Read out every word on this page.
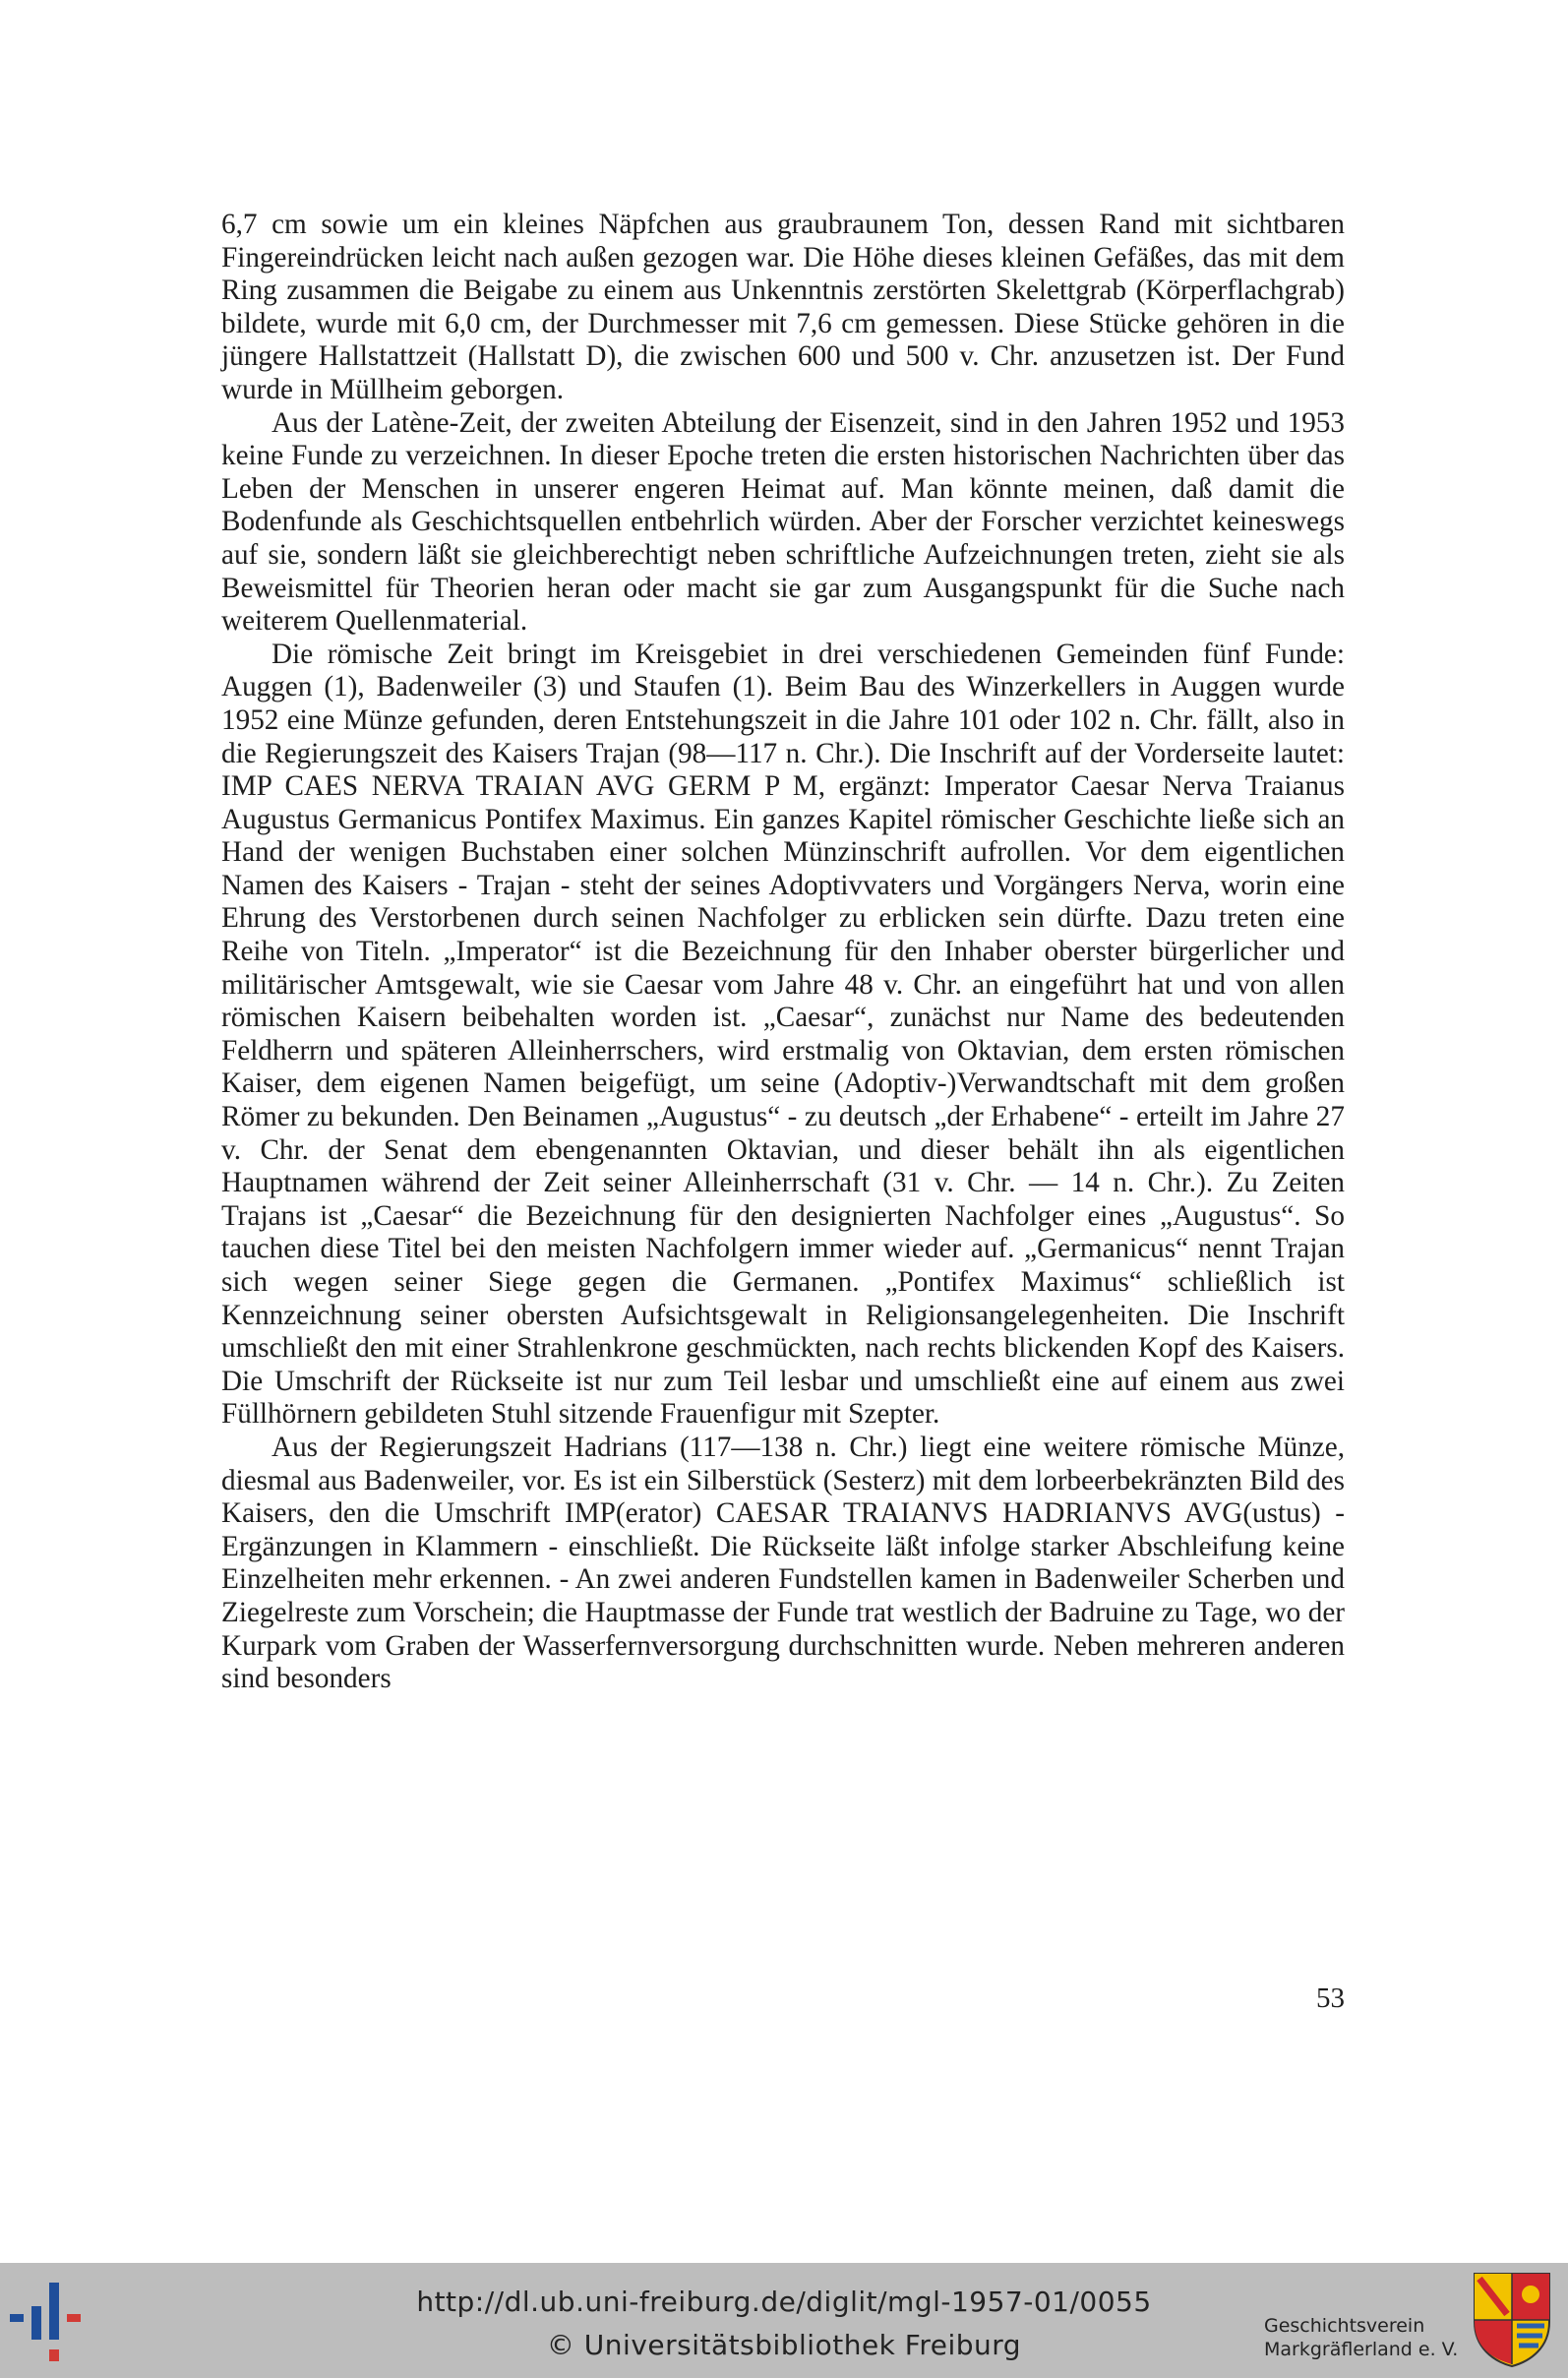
6,7 cm sowie um ein kleines Näpfchen aus graubraunem Ton, dessen Rand mit sichtbaren Fingereindrücken leicht nach außen gezogen war. Die Höhe dieses kleinen Gefäßes, das mit dem Ring zusammen die Beigabe zu einem aus Unkenntnis zerstörten Skelettgrab (Körperflachgrab) bildete, wurde mit 6,0 cm, der Durchmesser mit 7,6 cm gemessen. Diese Stücke gehören in die jüngere Hallstattzeit (Hallstatt D), die zwischen 600 und 500 v. Chr. anzusetzen ist. Der Fund wurde in Müllheim geborgen.

Aus der Latène-Zeit, der zweiten Abteilung der Eisenzeit, sind in den Jahren 1952 und 1953 keine Funde zu verzeichnen. In dieser Epoche treten die ersten historischen Nachrichten über das Leben der Menschen in unserer engeren Heimat auf. Man könnte meinen, daß damit die Bodenfunde als Geschichtsquellen entbehrlich würden. Aber der Forscher verzichtet keineswegs auf sie, sondern läßt sie gleichberechtigt neben schriftliche Aufzeichnungen treten, zieht sie als Beweismittel für Theorien heran oder macht sie gar zum Ausgangspunkt für die Suche nach weiterem Quellenmaterial.

Die römische Zeit bringt im Kreisgebiet in drei verschiedenen Gemeinden fünf Funde: Auggen (1), Badenweiler (3) und Staufen (1). Beim Bau des Winzerkellers in Auggen wurde 1952 eine Münze gefunden, deren Entstehungszeit in die Jahre 101 oder 102 n. Chr. fällt, also in die Regierungszeit des Kaisers Trajan (98—117 n. Chr.). Die Inschrift auf der Vorderseite lautet: IMP CAES NERVA TRAIAN AVG GERM P M, ergänzt: Imperator Caesar Nerva Traianus Augustus Germanicus Pontifex Maximus. Ein ganzes Kapitel römischer Geschichte ließe sich an Hand der wenigen Buchstaben einer solchen Münzinschrift aufrollen. Vor dem eigentlichen Namen des Kaisers - Trajan - steht der seines Adoptivvaters und Vorgängers Nerva, worin eine Ehrung des Verstorbenen durch seinen Nachfolger zu erblicken sein dürfte. Dazu treten eine Reihe von Titeln. „Imperator“ ist die Bezeichnung für den Inhaber oberster bürgerlicher und militärischer Amtsgewalt, wie sie Caesar vom Jahre 48 v. Chr. an eingeführt hat und von allen römischen Kaisern beibehalten worden ist. „Caesar“, zunächst nur Name des bedeutenden Feldherrn und späteren Alleinherrschers, wird erstmalig von Oktavian, dem ersten römischen Kaiser, dem eigenen Namen beigefügt, um seine (Adoptiv-)Verwandtschaft mit dem großen Römer zu bekunden. Den Beinamen „Augustus“ - zu deutsch „der Erhabene“ - erteilt im Jahre 27 v. Chr. der Senat dem ebengenannten Oktavian, und dieser behält ihn als eigentlichen Hauptnamen während der Zeit seiner Alleinherrschaft (31 v. Chr. — 14 n. Chr.). Zu Zeiten Trajans ist „Caesar“ die Bezeichnung für den designierten Nachfolger eines „Augustus“. So tauchen diese Titel bei den meisten Nachfolgern immer wieder auf. „Germanicus“ nennt Trajan sich wegen seiner Siege gegen die Germanen. „Pontifex Maximus“ schließlich ist Kennzeichnung seiner obersten Aufsichtsgewalt in Religionsangelegenheiten. Die Inschrift umschließt den mit einer Strahlenkrone geschmückten, nach rechts blickenden Kopf des Kaisers. Die Umschrift der Rückseite ist nur zum Teil lesbar und umschließt eine auf einem aus zwei Füllhörnern gebildeten Stuhl sitzende Frauenfigur mit Szepter.

Aus der Regierungszeit Hadrians (117—138 n. Chr.) liegt eine weitere römische Münze, diesmal aus Badenweiler, vor. Es ist ein Silberstück (Sesterz) mit dem lorbeerbekränzten Bild des Kaisers, den die Umschrift IMP(erator) CAESAR TRAIANVS HADRIANVS AVG(ustus) - Ergänzungen in Klammern - einschließt. Die Rückseite läßt infolge starker Abschleifung keine Einzelheiten mehr erkennen. - An zwei anderen Fundstellen kamen in Badenweiler Scherben und Ziegelreste zum Vorschein; die Hauptmasse der Funde trat westlich der Badruine zu Tage, wo der Kurpark vom Graben der Wasserfernversorgung durchschnitten wurde. Neben mehreren anderen sind besonders

53
http://dl.ub.uni-freiburg.de/diglit/mgl-1957-01/0055
© Universitätsbibliothek Freiburg
Geschichtsverein
Markgräflerland e. V.
